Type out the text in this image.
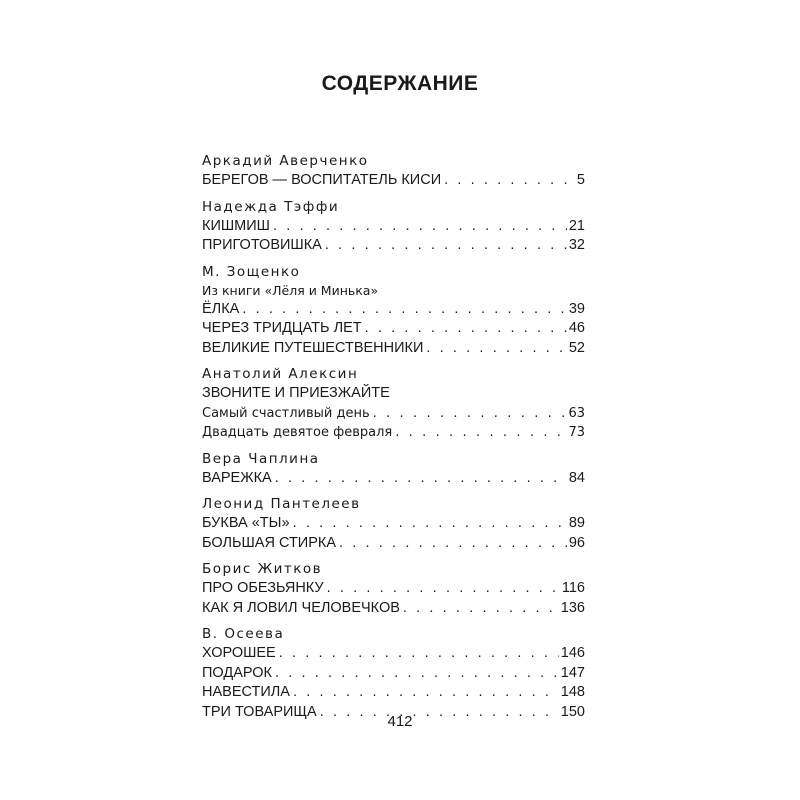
СОДЕРЖАНИЕ
Аркадий Аверченко
БЕРЕГОВ — ВОСПИТАТЕЛЬ КИСИ . . .	5
Надежда Тэффи
КИШМИШ . . .	21
ПРИГОТОВИШКА . . .	32
М. Зощенко
Из книги «Лёля и Минька»
ЁЛКА . . .	39
ЧЕРЕЗ ТРИДЦАТЬ ЛЕТ . . .	46
ВЕЛИКИЕ ПУТЕШЕСТВЕННИКИ . . .	52
Анатолий Алексин
ЗВОНИТЕ И ПРИЕЗЖАЙТЕ
Самый счастливый день . . .	63
Двадцать девятое февраля . . .	73
Вера Чаплина
ВАРЕЖКА . . .	84
Леонид Пантелеев
БУКВА «ТЫ» . . .	89
БОЛЬШАЯ СТИРКА . . .	96
Борис Житков
ПРО ОБЕЗЬЯНКУ . . .	116
КАК Я ЛОВИЛ ЧЕЛОВЕЧКОВ . . .	136
В. Осеева
ХОРОШЕЕ . . .	146
ПОДАРОК . . .	147
НАВЕСТИЛА . . .	148
ТРИ ТОВАРИЩА . . .	150
412
